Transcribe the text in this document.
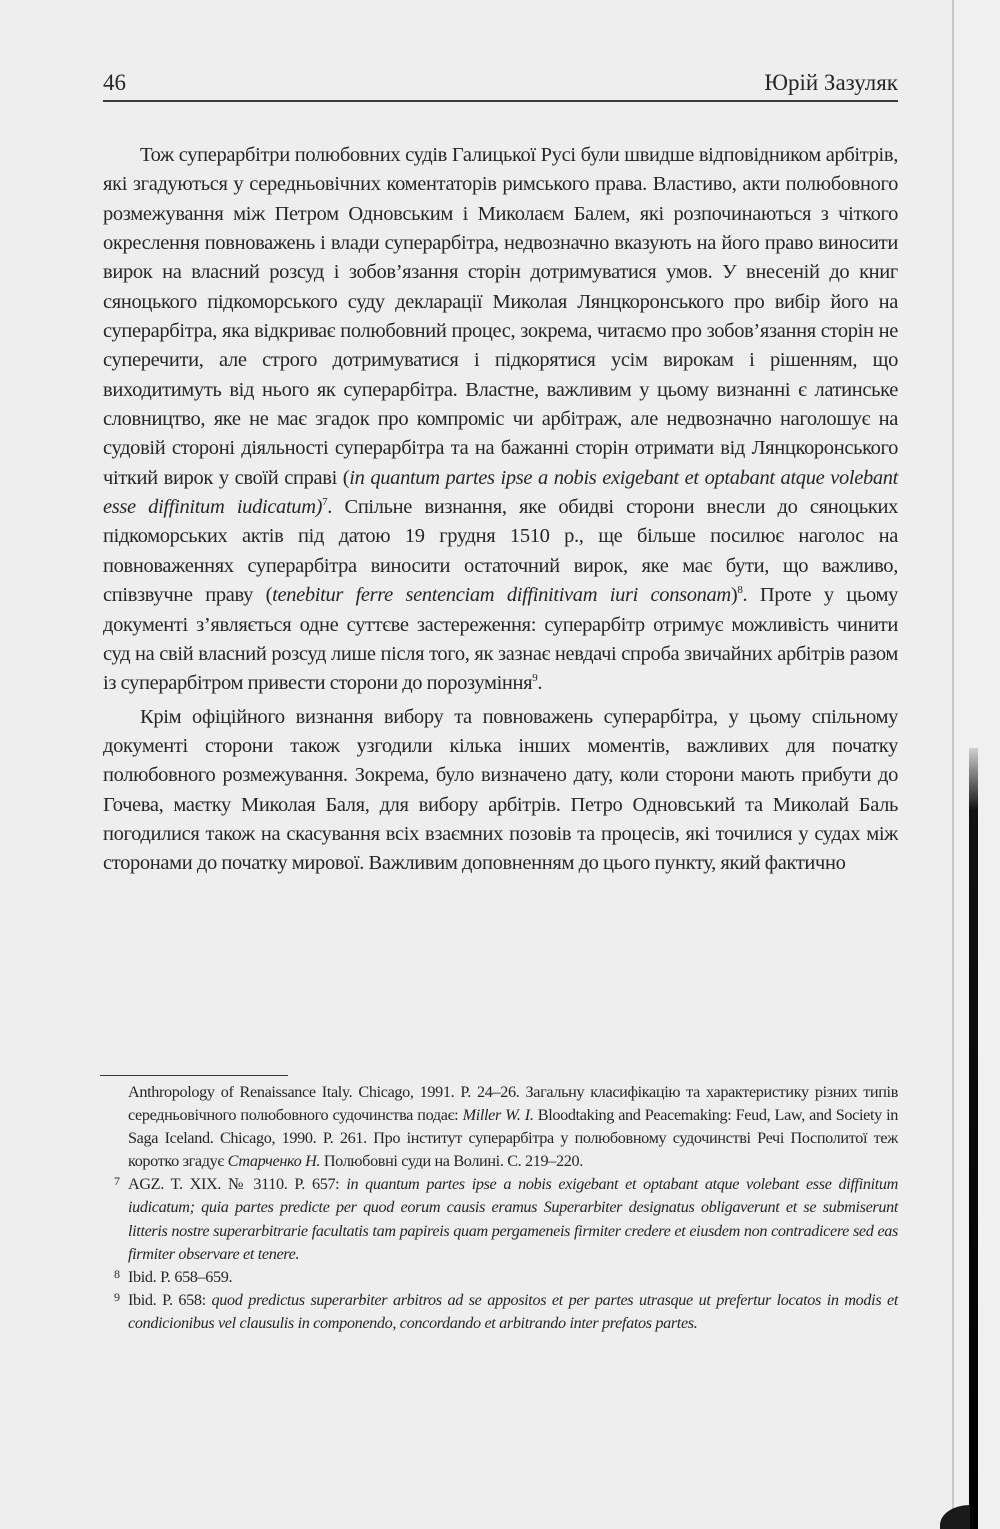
46	Юрій Зазуляк

Тож суперарбітри полюбовних судів Галицької Русі були швидше відповідником арбітрів, які згадуються у середньовічних коментаторів римського права. Властиво, акти полюбовного розмежування між Петром Одновським і Миколаєм Балем, які розпочинаються з чіткого окреслення повноважень і влади суперарбітра, недвозначно вказують на його право виносити вирок на власний розсуд і зобов’язання сторін дотримуватися умов. У внесеній до книг сяноцького підкоморського суду декларації Миколая Лянцкоронського про вибір його на суперарбітра, яка відкриває полюбовний процес, зокрема, читаємо про зобов’язання сторін не суперечити, але строго дотримуватися і підкорятися усім вирокам і рішенням, що виходитимуть від нього як суперарбітра. Властне, важливим у цьому визнанні є латинське словництво, яке не має згадок про компроміс чи арбітраж, але недвозначно наголошує на судовій стороні діяльності суперарбітра та на бажанні сторін отримати від Лянцкоронського чіткий вирок у своїй справі (in quantum partes ipse a nobis exigebant et optabant atque volebant esse diffinitum iudicatum)$^7$. Спільне визнання, яке обидві сторони внесли до сяноцьких підкоморських актів під датою 19 грудня 1510 р., ще більше посилює наголос на повноваженнях суперарбітра виносити остаточний вирок, яке має бути, що важливо, співзвучне праву (tenebitur ferre sentenciam diffinitivam iuri consonam)$^8$. Проте у цьому документі з’являється одне суттєве застереження: суперарбітр отримує можливість чинити суд на свій власний розсуд лише після того, як зазнає невдачі спроба звичайних арбітрів разом із суперарбітром привести сторони до порозуміння$^9$.

Крім офіційного визнання вибору та повноважень суперарбітра, у цьому спільному документі сторони також узгодили кілька інших моментів, важливих для початку полюбовного розмежування. Зокрема, було визначено дату, коли сторони мають прибути до Гочева, маєтку Миколая Баля, для вибору арбітрів. Петро Одновський та Миколай Баль погодилися також на скасування всіх взаємних позовів та процесів, які точилися у судах між сторонами до початку мирової. Важливим доповненням до цього пункту, який фактично

Anthropology of Renaissance Italy. Chicago, 1991. P. 24–26. Загальну класифікацію та характеристику різних типів середньовічного полюбовного судочинства подає: Miller W. I. Bloodtaking and Peacemaking: Feud, Law, and Society in Saga Iceland. Chicago, 1990. P. 261. Про інститут суперарбітра у полюбовному судочинстві Речі Посполитої теж коротко згадує Старченко Н. Полюбовні суди на Волині. С. 219–220.
7 AGZ. T. XIX. № 3110. P. 657: in quantum partes ipse a nobis exigebant et optabant atque volebant esse diffinitum iudicatum; quia partes predicte per quod eorum causis eramus Superarbiter designatus obligaverunt et se submiserunt litteris nostre superarbitrarie facultatis tam papireis quam pergameneis firmiter credere et eiusdem non contradicere sed eas firmiter observare et tenere.
8 Ibid. P. 658–659.
9 Ibid. P. 658: quod predictus superarbiter arbitros ad se appositos et per partes utrasque ut prefertur locatos in modis et condicionibus vel clausulis in componendo, concordando et arbitrando inter prefatos partes.
